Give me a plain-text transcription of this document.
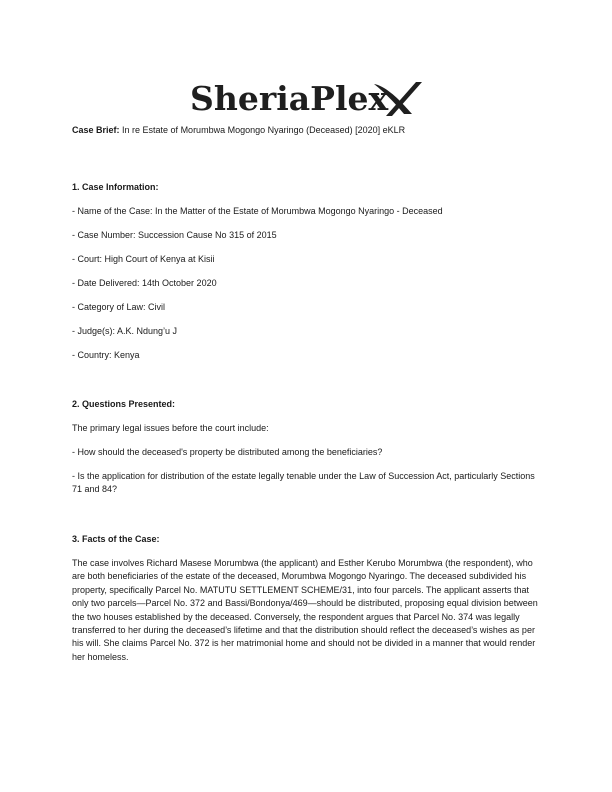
SheriaPlex

Case Brief: In re Estate of Morumbwa Mogongo Nyaringo (Deceased) [2020] eKLR

1. Case Information:

- Name of the Case: In the Matter of the Estate of Morumbwa Mogongo Nyaringo - Deceased

- Case Number: Succession Cause No 315 of 2015

- Court: High Court of Kenya at Kisii

- Date Delivered: 14th October 2020

- Category of Law: Civil

- Judge(s): A.K. Ndung’u J

- Country: Kenya

2. Questions Presented:

The primary legal issues before the court include:

- How should the deceased's property be distributed among the beneficiaries?

- Is the application for distribution of the estate legally tenable under the Law of Succession Act, particularly Sections 71 and 84?

3. Facts of the Case:

The case involves Richard Masese Morumbwa (the applicant) and Esther Kerubo Morumbwa (the respondent), who are both beneficiaries of the estate of the deceased, Morumbwa Mogongo Nyaringo. The deceased subdivided his property, specifically Parcel No. MATUTU SETTLEMENT SCHEME/31, into four parcels. The applicant asserts that only two parcels—Parcel No. 372 and Bassi/Bondonya/469—should be distributed, proposing equal division between the two houses established by the deceased. Conversely, the respondent argues that Parcel No. 374 was legally transferred to her during the deceased’s lifetime and that the distribution should reflect the deceased’s wishes as per his will. She claims Parcel No. 372 is her matrimonial home and should not be divided in a manner that would render her homeless.
